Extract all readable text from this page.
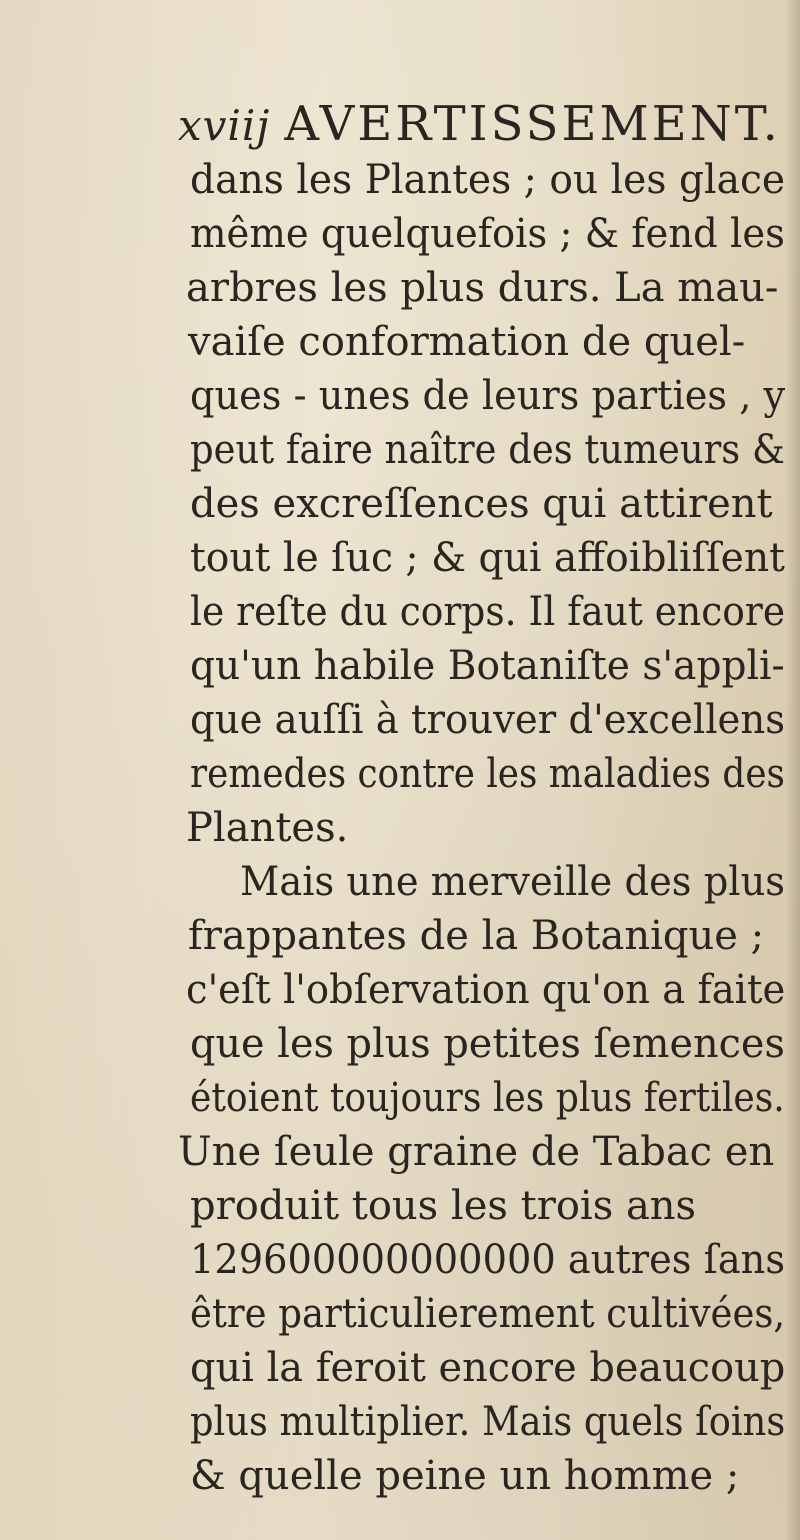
xviij AVERTISSEMENT.
dans les Plantes ; ou les glace
même quelquefois ; & fend les
arbres les plus durs. La mau-
vaiſe conformation de quel-
ques - unes de leurs parties , y
peut faire naître des tumeurs &
des excreſſences qui attirent
tout le ſuc ; & qui affoibliſſent
le reſte du corps. Il faut encore
qu'un habile Botaniſte s'appli-
que auſſi à trouver d'excellens
remedes contre les maladies des
Plantes.
Mais une merveille des plus
frappantes de la Botanique ;
c'eſt l'obſervation qu'on a faite
que les plus petites ſemences
étoient toujours les plus fertiles.
Une ſeule graine de Tabac en
produit tous les trois ans
129600000000000 autres ſans
être particulierement cultivées,
qui la feroit encore beaucoup
plus multiplier. Mais quels ſoins
& quelle peine un homme ;
